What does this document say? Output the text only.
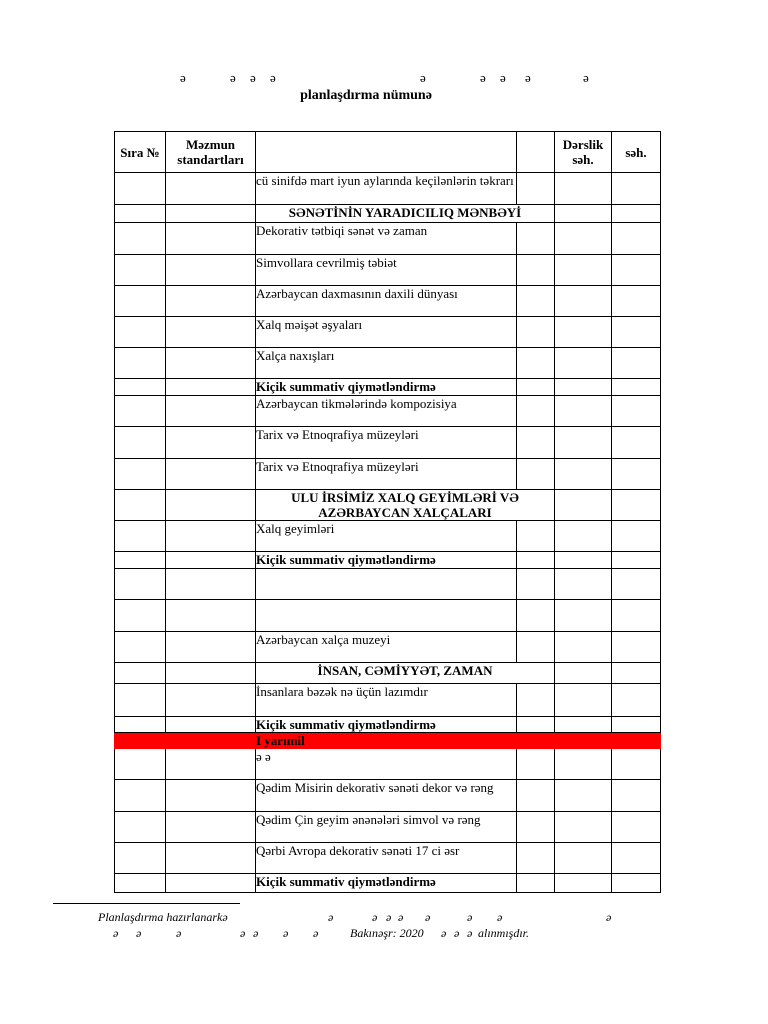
ə	ə ə ə	ə	ə ə ə	ə
planlaşdırma nümunə
Sıra №	Məzmun standartları			Dərslik səh.	səh.
		cü sinifdə mart iyun aylarında keçilənlərin təkrarı			
		SƏNƏTİNİN YARADICILIQ MƏNBƏYİ			
		Dekorativ tətbiqi sənət və zaman			
		Simvollara cevrilmiş təbiət			
		Azərbaycan daxmasının daxili dünyası			
		Xalq məişət əşyaları			
		Xalça naxışları			
		Kiçik summativ qiymətləndirmə			
		Azərbaycan tikmələrində kompozisiya			
		Tarix və Etnoqrafiya müzeyləri			
		Tarix və Etnoqrafiya müzeyləri			
		ULU İRSİMİZ XALQ GEYİMLƏRİ VƏ AZƏRBAYCAN XALÇALARI			
		Xalq geyimləri			
		Kiçik summativ qiymətləndirmə			

		Azərbaycan xalça muzeyi			
		İNSAN, CƏMİYYƏT, ZAMAN			
		İnsanlara bəzək nə üçün lazımdır			
		Kiçik summativ qiymətləndirmə			
		I yarımil			
		ə ə			
		Qədim Misirin dekorativ sənəti dekor və rəng			
		Qədim Çin geyim ənənələri simvol və rəng			
		Qərbi Avropa dekorativ sənəti 17 ci əsr			
		Kiçik summativ qiymətləndirmə			
Planlaşdırma hazırlanarkə	ə	ə ə ə ə	ə ə	ə
ə ə	ə	ə ə ə ə	Bakınəşr: 2020 ə ə ə alınmışdır.
